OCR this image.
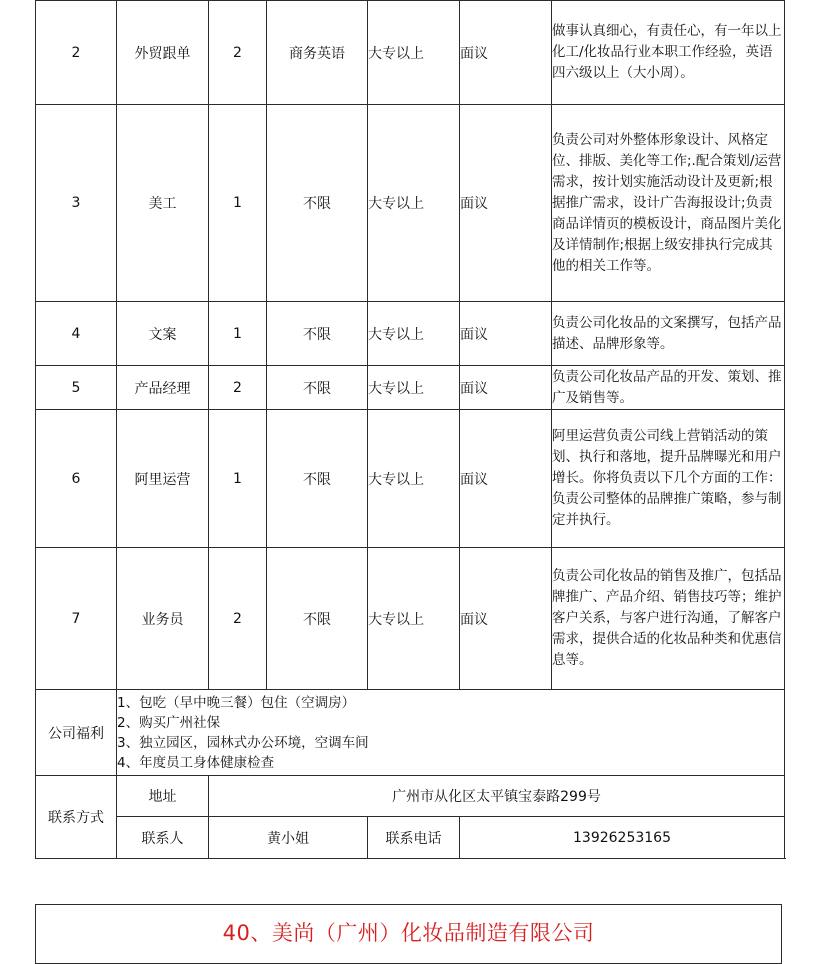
2	外贸跟单	2	商务英语	大专以上	面议	做事认真细心，有责任心，有一年以上化工/化妆品行业本职工作经验，英语四六级以上（大小周）。
3	美工	1	不限	大专以上	面议	负责公司对外整体形象设计、风格定位、排版、美化等工作;.配合策划/运营需求，按计划实施活动设计及更新;根据推广需求，设计广告海报设计;负责商品详情页的模板设计，商品图片美化及详情制作;根据上级安排执行完成其他的相关工作等。
4	文案	1	不限	大专以上	面议	负责公司化妆品的文案撰写，包括产品描述、品牌形象等。
5	产品经理	2	不限	大专以上	面议	负责公司化妆品产品的开发、策划、推广及销售等。
6	阿里运营	1	不限	大专以上	面议	阿里运营负责公司线上营销活动的策划、执行和落地，提升品牌曝光和用户增长。你将负责以下几个方面的工作：负责公司整体的品牌推广策略，参与制定并执行。
7	业务员	2	不限	大专以上	面议	负责公司化妆品的销售及推广，包括品牌推广、产品介绍、销售技巧等；维护客户关系，与客户进行沟通，了解客户需求，提供合适的化妆品种类和优惠信息等。
公司福利	1、包吃（早中晚三餐）包住（空调房）
2、购买广州社保
3、独立园区，园林式办公环境，空调车间
4、年度员工身体健康检查					

联系方式	地址	广州市从化区太平镇宝泰路299号				
	联系人	黄小姐		联系电话	13926253165	
40、美尚（广州）化妆品制造有限公司
